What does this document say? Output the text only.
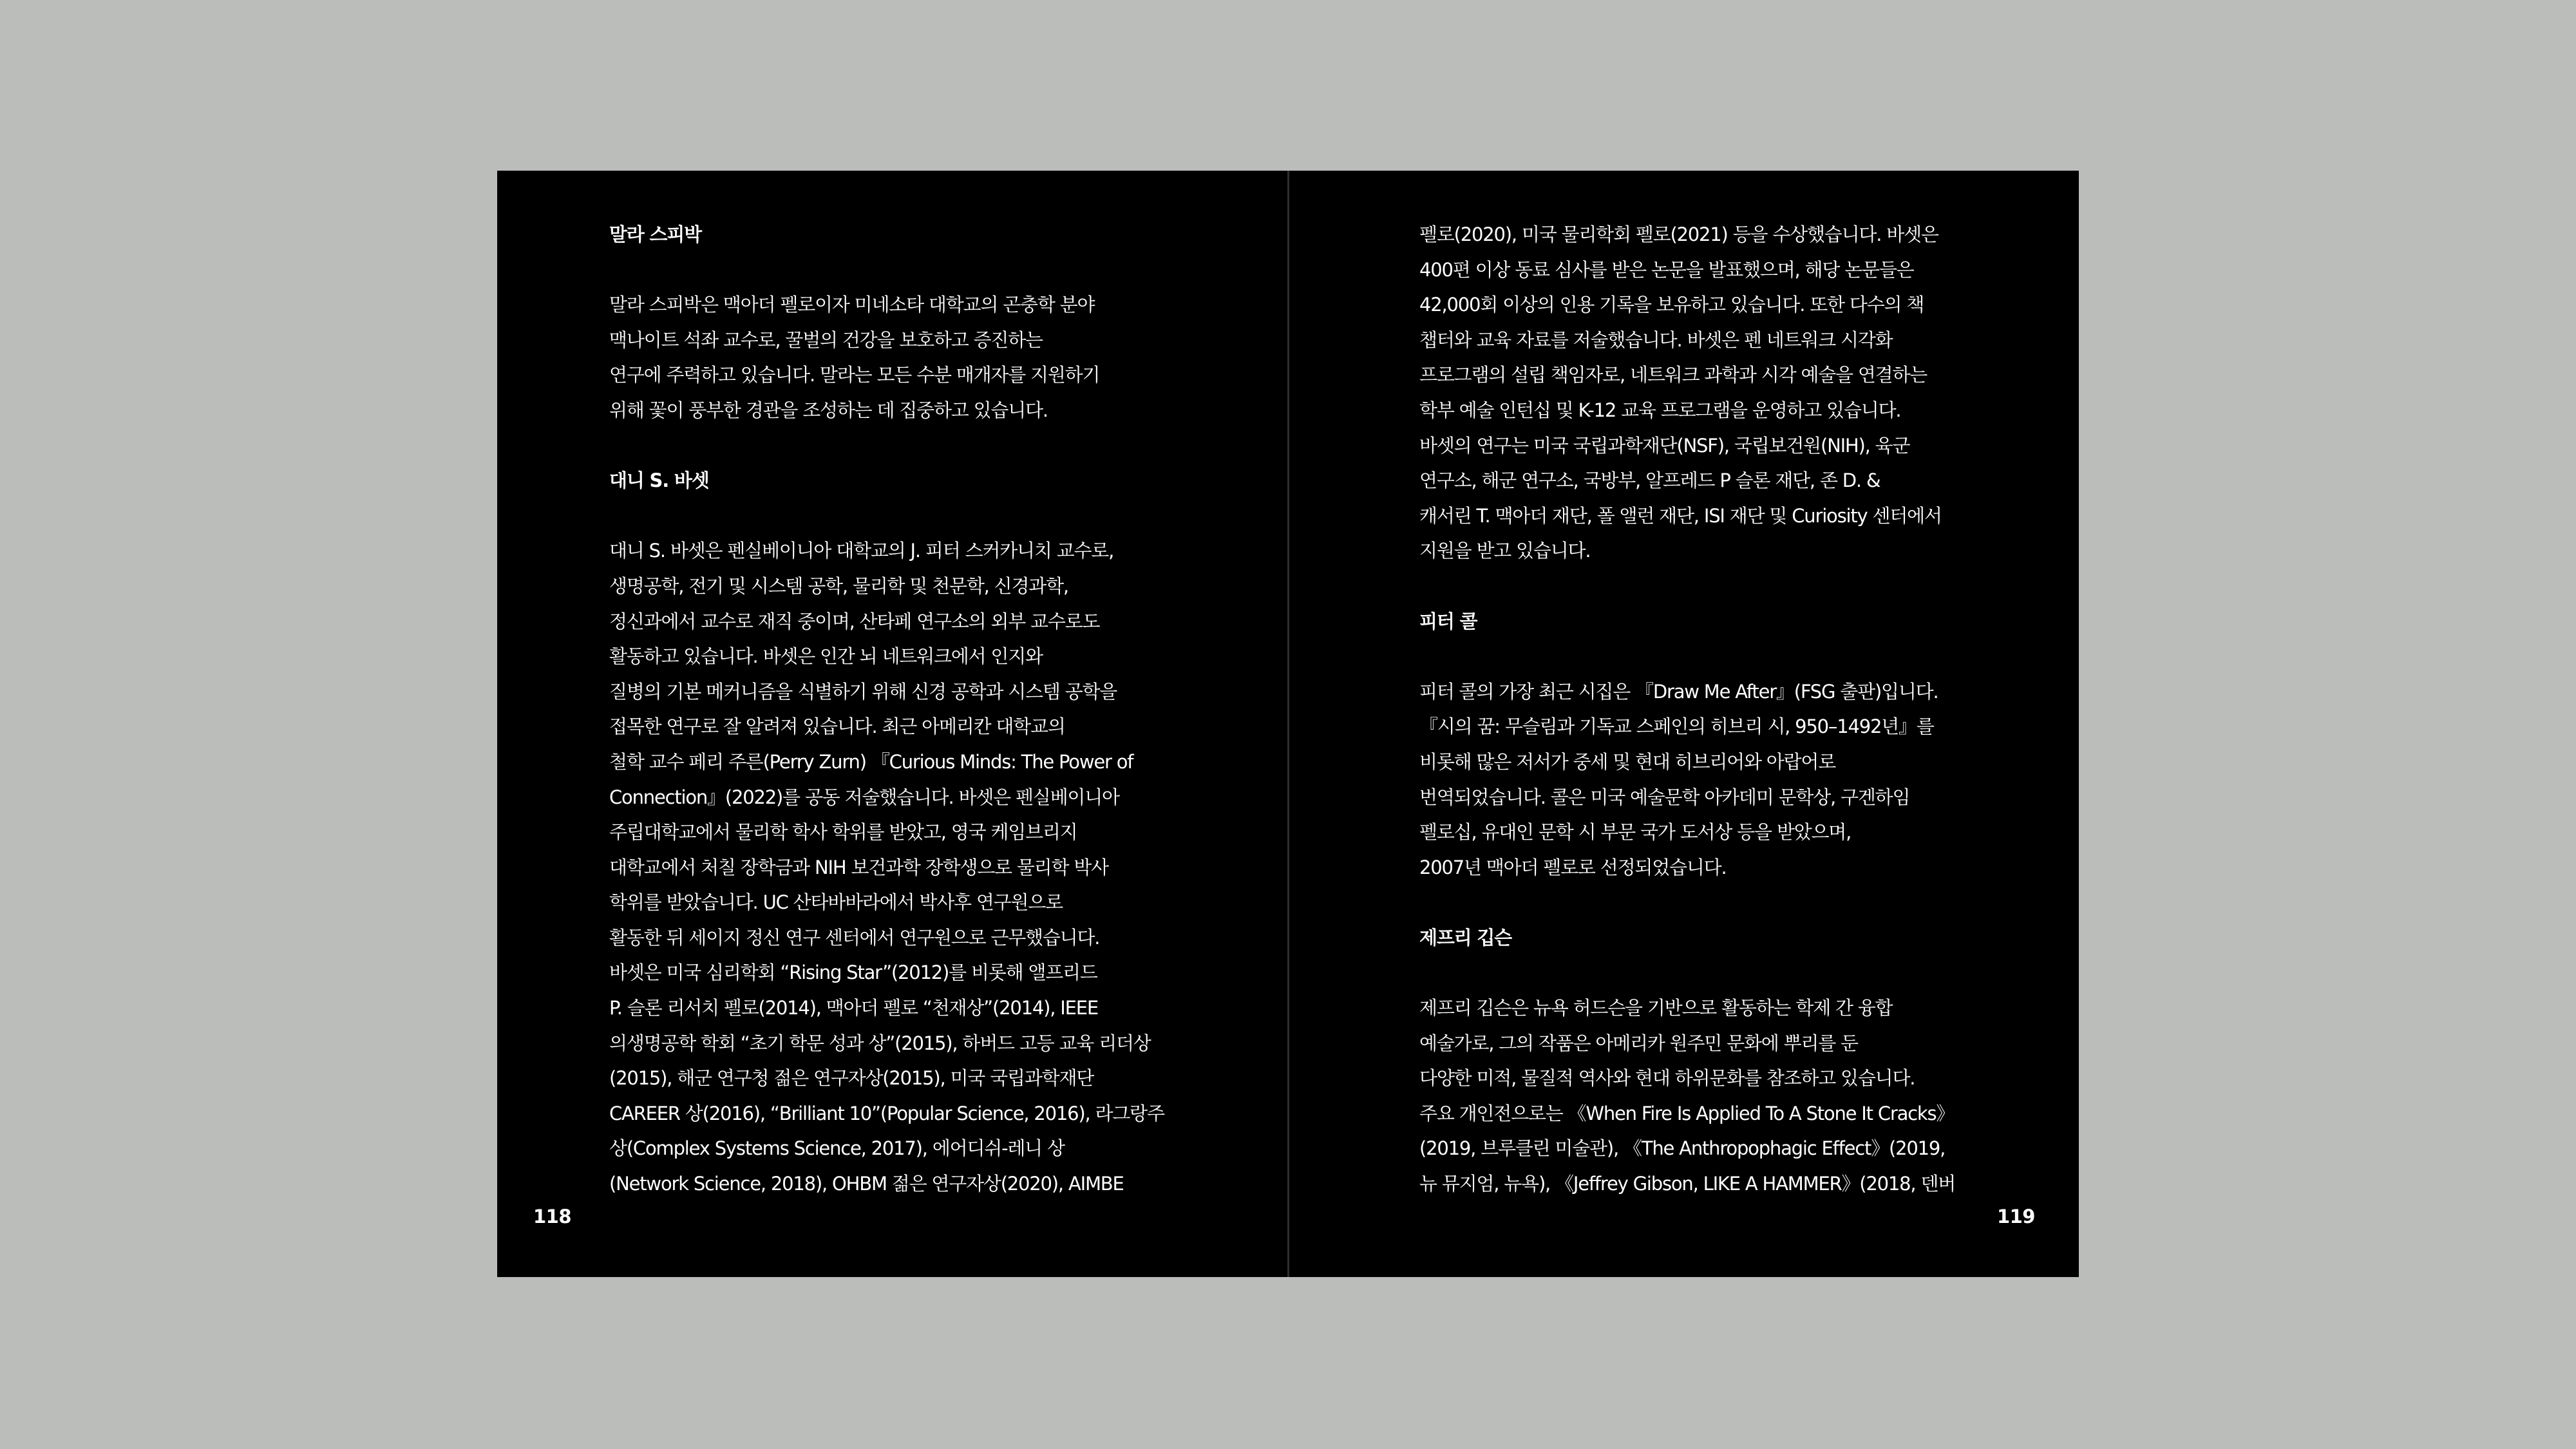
말라 스피박
말라 스피박은 맥아더 펠로이자 미네소타 대학교의 곤충학 분야
맥나이트 석좌 교수로, 꿀벌의 건강을 보호하고 증진하는
연구에 주력하고 있습니다. 말라는 모든 수분 매개자를 지원하기
위해 꽃이 풍부한 경관을 조성하는 데 집중하고 있습니다.
대니 S. 바셋
대니 S. 바셋은 펜실베이니아 대학교의 J. 피터 스커카니치 교수로,
생명공학, 전기 및 시스템 공학, 물리학 및 천문학, 신경과학,
정신과에서 교수로 재직 중이며, 산타페 연구소의 외부 교수로도
활동하고 있습니다. 바셋은 인간 뇌 네트워크에서 인지와
질병의 기본 메커니즘을 식별하기 위해 신경 공학과 시스템 공학을
접목한 연구로 잘 알려져 있습니다. 최근 아메리칸 대학교의
철학 교수 페리 주른(Perry Zurn) 『Curious Minds: The Power of
Connection』(2022)를 공동 저술했습니다. 바셋은 펜실베이니아
주립대학교에서 물리학 학사 학위를 받았고, 영국 케임브리지
대학교에서 처칠 장학금과 NIH 보건과학 장학생으로 물리학 박사
학위를 받았습니다. UC 산타바바라에서 박사후 연구원으로
활동한 뒤 세이지 정신 연구 센터에서 연구원으로 근무했습니다.
바셋은 미국 심리학회 “Rising Star”(2012)를 비롯해 앨프리드
P. 슬론 리서치 펠로(2014), 맥아더 펠로 “천재상”(2014), IEEE
의생명공학 학회 “초기 학문 성과 상”(2015), 하버드 고등 교육 리더상
(2015), 해군 연구청 젊은 연구자상(2015), 미국 국립과학재단
CAREER 상(2016), “Brilliant 10”(Popular Science, 2016), 라그랑주
상(Complex Systems Science, 2017), 에어디쉬-레니 상
(Network Science, 2018), OHBM 젊은 연구자상(2020), AIMBE
118
펠로(2020), 미국 물리학회 펠로(2021) 등을 수상했습니다. 바셋은
400편 이상 동료 심사를 받은 논문을 발표했으며, 해당 논문들은
42,000회 이상의 인용 기록을 보유하고 있습니다. 또한 다수의 책
챕터와 교육 자료를 저술했습니다. 바셋은 펜 네트워크 시각화
프로그램의 설립 책임자로, 네트워크 과학과 시각 예술을 연결하는
학부 예술 인턴십 및 K-12 교육 프로그램을 운영하고 있습니다.
바셋의 연구는 미국 국립과학재단(NSF), 국립보건원(NIH), 육군
연구소, 해군 연구소, 국방부, 알프레드 P 슬론 재단, 존 D. &
캐서린 T. 맥아더 재단, 폴 앨런 재단, ISI 재단 및 Curiosity 센터에서
지원을 받고 있습니다.
피터 콜
피터 콜의 가장 최근 시집은 『Draw Me After』(FSG 출판)입니다.
『시의 꿈: 무슬림과 기독교 스페인의 히브리 시, 950–1492년』를
비롯해 많은 저서가 중세 및 현대 히브리어와 아랍어로
번역되었습니다. 콜은 미국 예술문학 아카데미 문학상, 구겐하임
펠로십, 유대인 문학 시 부문 국가 도서상 등을 받았으며,
2007년 맥아더 펠로로 선정되었습니다.
제프리 깁슨
제프리 깁슨은 뉴욕 허드슨을 기반으로 활동하는 학제 간 융합
예술가로, 그의 작품은 아메리카 원주민 문화에 뿌리를 둔
다양한 미적, 물질적 역사와 현대 하위문화를 참조하고 있습니다.
주요 개인전으로는 《When Fire Is Applied To A Stone It Cracks》
(2019, 브루클린 미술관), 《The Anthropophagic Effect》(2019,
뉴 뮤지엄, 뉴욕), 《Jeffrey Gibson, LIKE A HAMMER》(2018, 덴버
119
